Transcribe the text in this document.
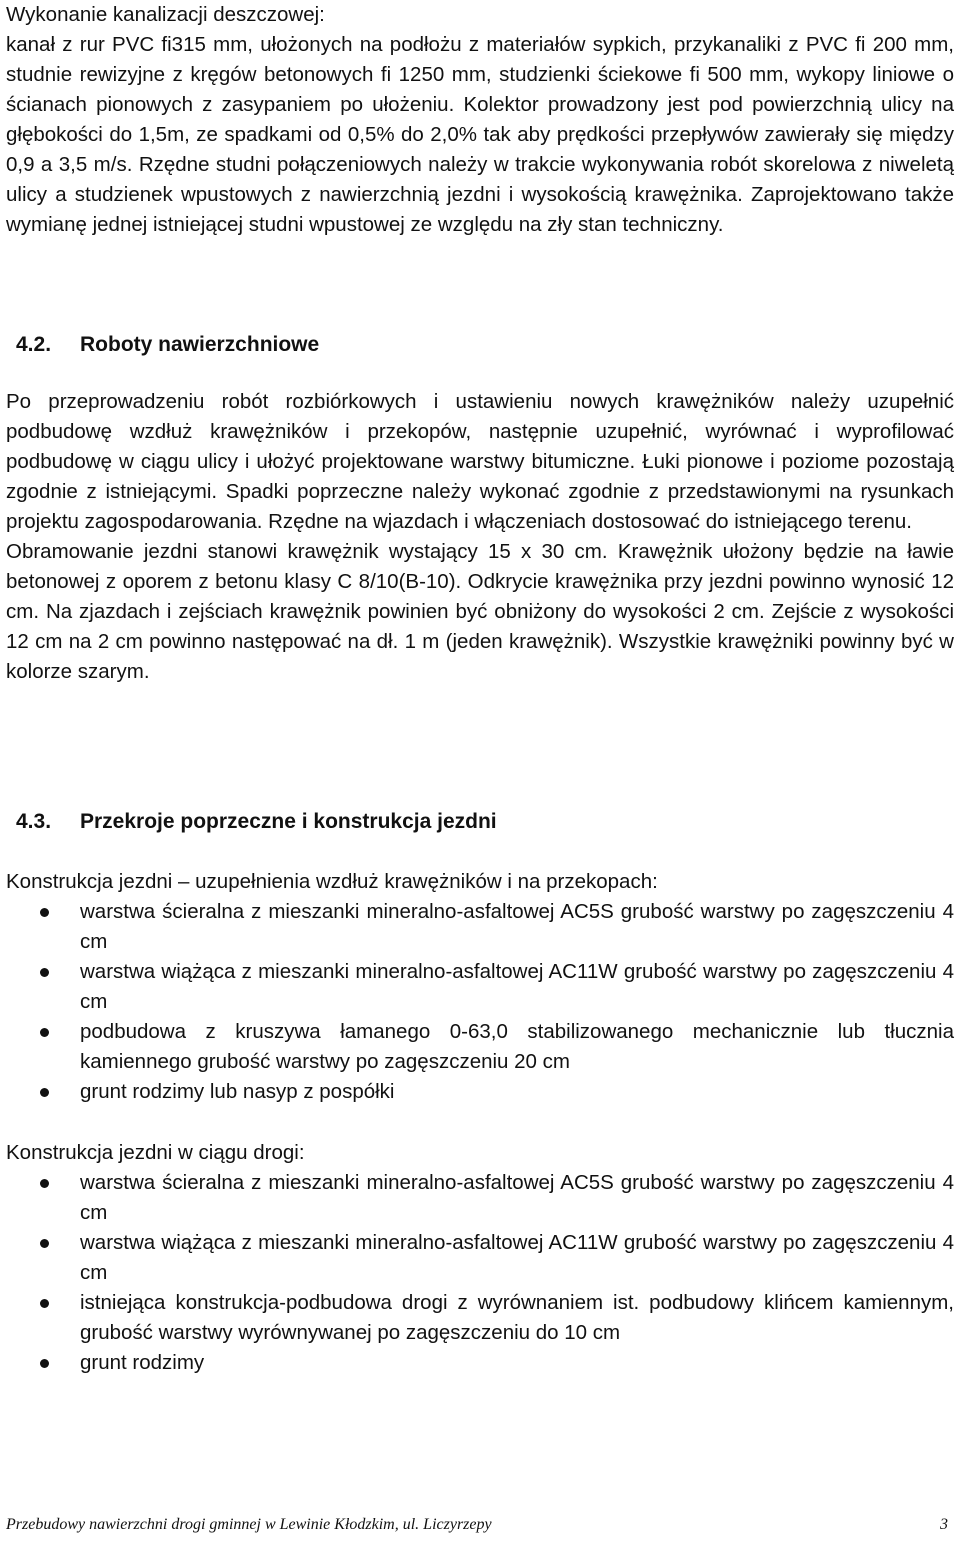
Wykonanie kanalizacji deszczowej:

kanał z rur PVC fi315 mm, ułożonych na podłożu z materiałów sypkich, przykanaliki z PVC fi 200 mm, studnie rewizyjne z kręgów betonowych fi 1250 mm, studzienki ściekowe fi 500 mm, wykopy liniowe o ścianach pionowych z zasypaniem po ułożeniu. Kolektor prowadzony jest pod powierzchnią ulicy na głębokości do 1,5m, ze spadkami od 0,5% do 2,0% tak aby prędkości przepływów zawierały się między 0,9 a 3,5 m/s. Rzędne studni połączeniowych należy w trakcie wykonywania robót skorelowa z niweletą ulicy a studzienek wpustowych z nawierzchnią jezdni i wysokością krawężnika. Zaprojektowano także wymianę jednej istniejącej studni wpustowej ze względu na zły stan techniczny.

4.2. Roboty nawierzchniowe

Po przeprowadzeniu robót rozbiórkowych i ustawieniu nowych krawężników należy uzupełnić podbudowę wzdłuż krawężników i przekopów, następnie uzupełnić, wyrównać i wyprofilować podbudowę w ciągu ulicy i ułożyć projektowane warstwy bitumiczne. Łuki pionowe i poziome pozostają zgodnie z istniejącymi. Spadki poprzeczne należy wykonać zgodnie z przedstawionymi na rysunkach projektu zagospodarowania. Rzędne na wjazdach i włączeniach dostosować do istniejącego terenu.

Obramowanie jezdni stanowi krawężnik wystający 15 x 30 cm. Krawężnik ułożony będzie na ławie betonowej z oporem z betonu klasy C 8/10(B-10). Odkrycie krawężnika przy jezdni powinno wynosić 12 cm. Na zjazdach i zejściach krawężnik powinien być obniżony do wysokości 2 cm. Zejście z wysokości 12 cm na 2 cm powinno następować na dł. 1 m (jeden krawężnik). Wszystkie krawężniki powinny być w kolorze szarym.

4.3. Przekroje poprzeczne i konstrukcja jezdni

Konstrukcja jezdni – uzupełnienia wzdłuż krawężników i na przekopach:

warstwa ścieralna z mieszanki mineralno-asfaltowej AC5S grubość warstwy po zagęszczeniu 4 cm
warstwa wiążąca z mieszanki mineralno-asfaltowej AC11W grubość warstwy po zagęszczeniu 4 cm
podbudowa z kruszywa łamanego 0-63,0 stabilizowanego mechanicznie lub tłucznia kamiennego grubość warstwy po zagęszczeniu 20 cm
grunt rodzimy lub nasyp z pospółki

Konstrukcja jezdni w ciągu drogi:

warstwa ścieralna z mieszanki mineralno-asfaltowej AC5S grubość warstwy po zagęszczeniu 4 cm
warstwa wiążąca z mieszanki mineralno-asfaltowej AC11W grubość warstwy po zagęszczeniu 4 cm
istniejąca konstrukcja-podbudowa drogi z wyrównaniem ist. podbudowy klińcem kamiennym, grubość warstwy wyrównywanej po zagęszczeniu do 10 cm
grunt rodzimy
Przebudowy nawierzchni drogi gminnej w Lewinie Kłodzkim, ul. Liczyrzepy	3
